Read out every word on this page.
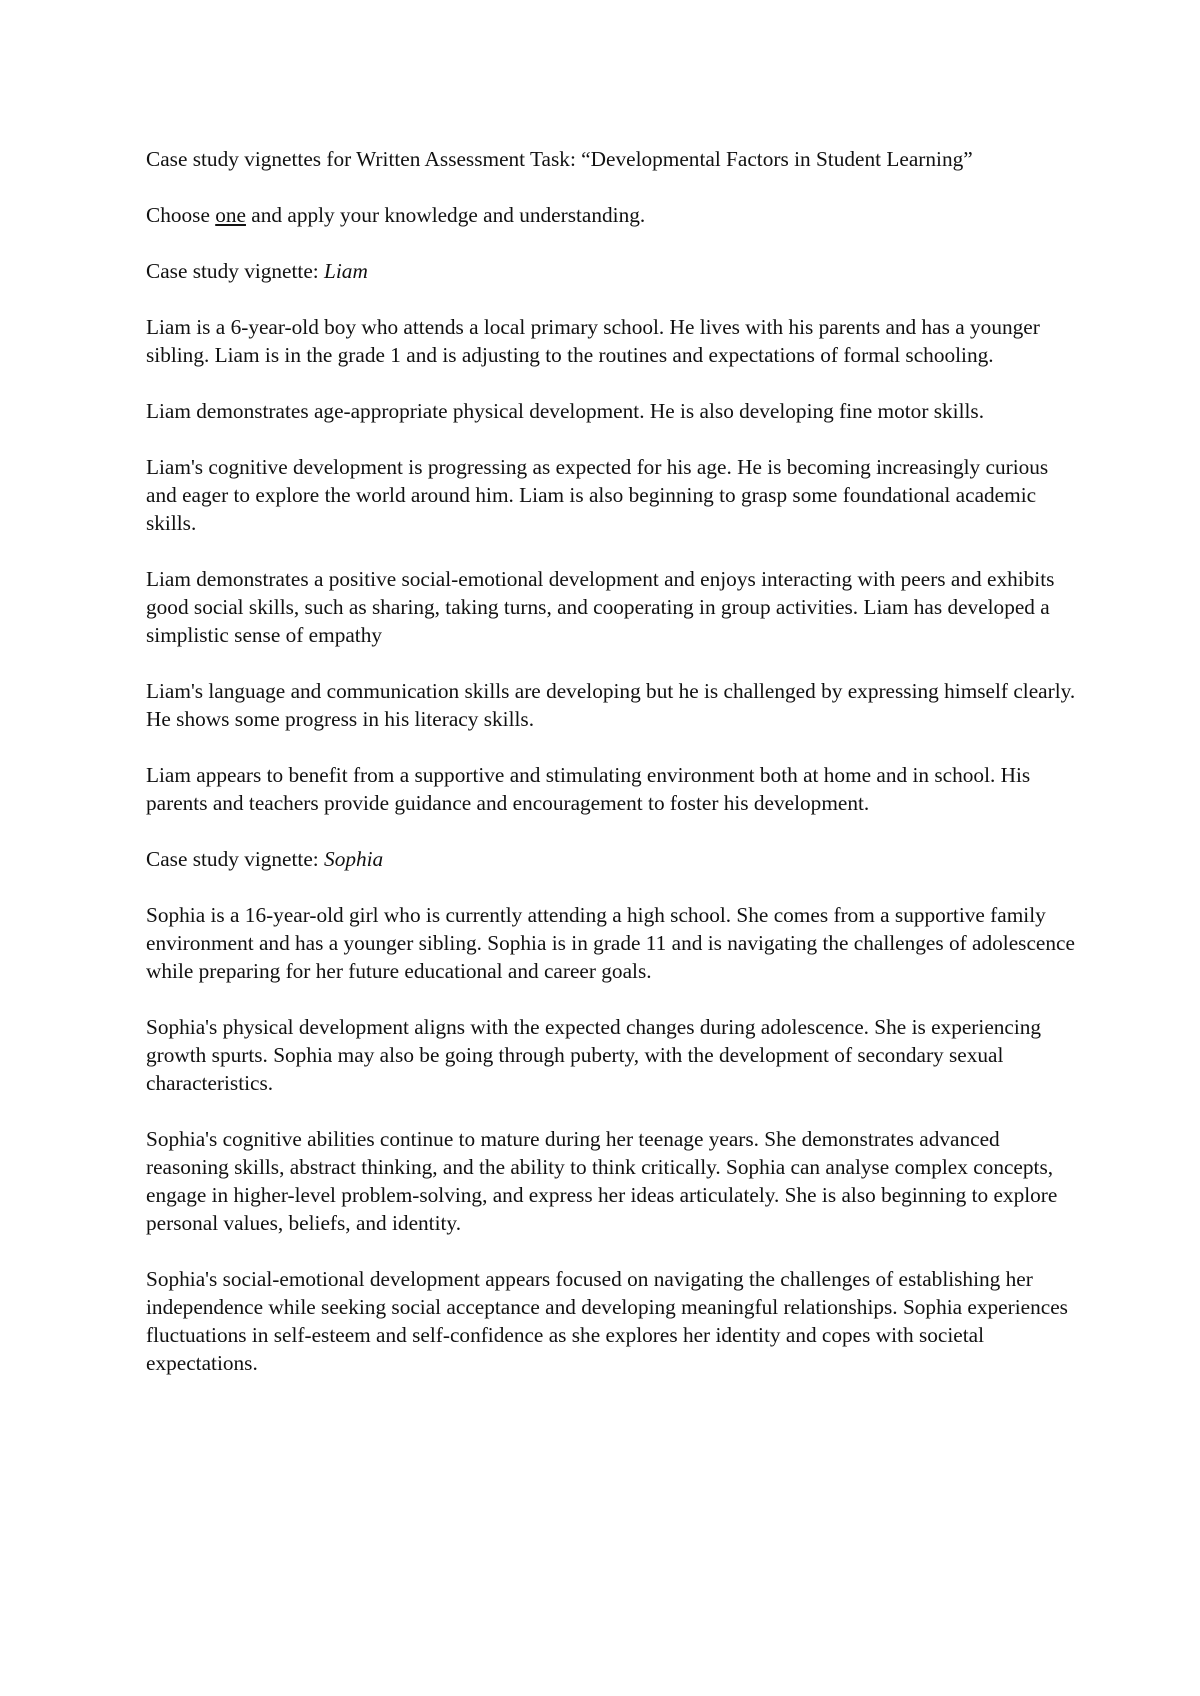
Case study vignettes for Written Assessment Task: “Developmental Factors in Student Learning”

Choose one and apply your knowledge and understanding.

Case study vignette: Liam

Liam is a 6-year-old boy who attends a local primary school. He lives with his parents and has a younger sibling. Liam is in the grade 1 and is adjusting to the routines and expectations of formal schooling.

Liam demonstrates age-appropriate physical development. He is also developing fine motor skills.

Liam's cognitive development is progressing as expected for his age. He is becoming increasingly curious and eager to explore the world around him. Liam is also beginning to grasp some foundational academic skills.

Liam demonstrates a positive social-emotional development and enjoys interacting with peers and exhibits good social skills, such as sharing, taking turns, and cooperating in group activities. Liam has developed a simplistic sense of empathy

Liam's language and communication skills are developing but he is challenged by expressing himself clearly. He shows some progress in his literacy skills.

Liam appears to benefit from a supportive and stimulating environment both at home and in school. His parents and teachers provide guidance and encouragement to foster his development.

Case study vignette: Sophia

Sophia is a 16-year-old girl who is currently attending a high school. She comes from a supportive family environment and has a younger sibling. Sophia is in grade 11 and is navigating the challenges of adolescence while preparing for her future educational and career goals.

Sophia's physical development aligns with the expected changes during adolescence. She is experiencing growth spurts. Sophia may also be going through puberty, with the development of secondary sexual characteristics.

Sophia's cognitive abilities continue to mature during her teenage years. She demonstrates advanced reasoning skills, abstract thinking, and the ability to think critically. Sophia can analyse complex concepts, engage in higher-level problem-solving, and express her ideas articulately. She is also beginning to explore personal values, beliefs, and identity.

Sophia's social-emotional development appears focused on navigating the challenges of establishing her independence while seeking social acceptance and developing meaningful relationships. Sophia experiences fluctuations in self-esteem and self-confidence as she explores her identity and copes with societal expectations.
